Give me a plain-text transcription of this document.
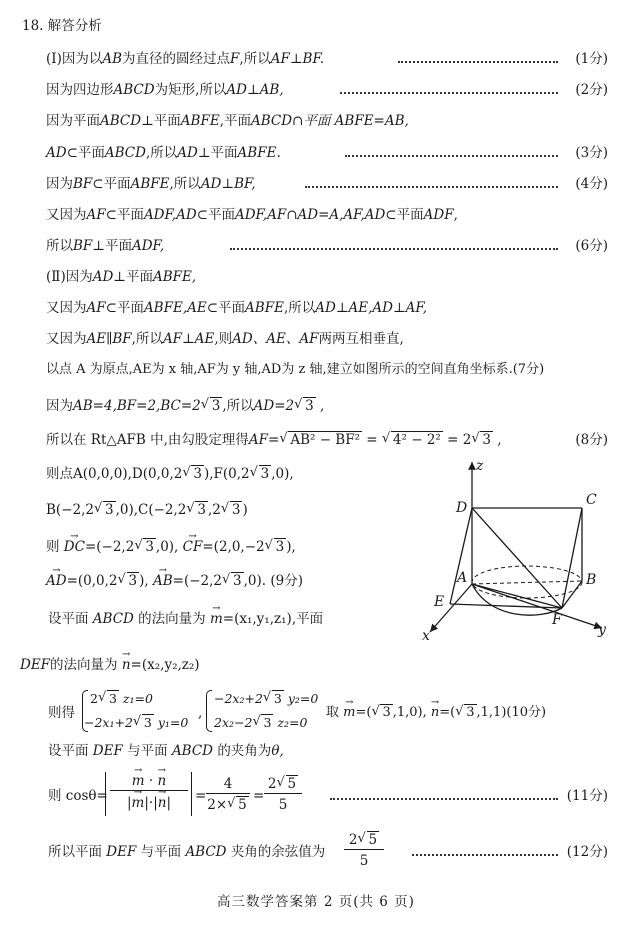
18. 解答分析
(Ⅰ)因为以AB为直径的圆经过点F,所以AF⊥BF.	(1分)
因为四边形ABCD为矩形,所以AD⊥AB,	(2分)
因为平面ABCD⊥平面ABFE,平面ABCD∩平面 ABFE=AB,
AD⊂平面ABCD,所以AD⊥平面ABFE.	(3分)
因为BF⊂平面ABFE,所以AD⊥BF,	(4分)
又因为AF⊂平面ADF,AD⊂平面ADF,AF∩AD=A,AF,AD⊂平面ADF,
所以BF⊥平面ADF,	(6分)
(Ⅱ)因为AD⊥平面ABFE,
又因为AF⊂平面ABFE,AE⊂平面ABFE,所以AD⊥AE,AD⊥AF,
又因为AE∥BF,所以AF⊥AE,则AD、AE、AF两两互相垂直,
以点 A 为原点,AE为 x 轴,AF为 y 轴,AD为 z 轴,建立如图所示的空间直角坐标系.(7分)
因为AB=4,BF=2,BC=2 √ 3 ,所以AD=2 √ 3 ,
所以在 Rt△AFB 中,由勾股定理得AF= √ AB² − BF² = √ 4² − 2² = 2 √ 3 ,	(8分)
则点A(0,0,0),D(0,0,2 √ 3 ),F(0,2 √ 3 ,0),
B(−2,2 √ 3 ,0),C(−2,2 √ 3 ,2 √ 3 )
则 → DC=(−2,2 √ 3 ,0), → CF=(2,0,−2 √ 3 ),
→ AD=(0,0,2 √ 3 ), → AB=(−2,2 √ 3 ,0). (9分)
设平面 ABCD 的法向量为 → m=(x₁,y₁,z₁),平面
DEF的法向量为 → n=(x₂,y₂,z₂)
则得
2 √ 3 z₁=0
−2x₁+2 √ 3 y₁=0
,
−2x₂+2 √ 3 y₂=0
2x₂−2 √ 3 z₂=0
取 → m=( √ 3 ,1,0), → n=( √ 3 ,1,1)(10分)
设平面 DEF 与平面 ABCD 的夹角为θ,
则 cosθ=
→ m · → n
|→ m|·|→ n|	=
4
2× √ 5
=
2 √ 5
5
(11分)
所以平面 DEF 与平面 ABCD 夹角的余弦值为
2 √ 5
5
(12分)
z
D	C
A	B
E
F
x	y
高三数学答案第 2 页(共 6 页)
